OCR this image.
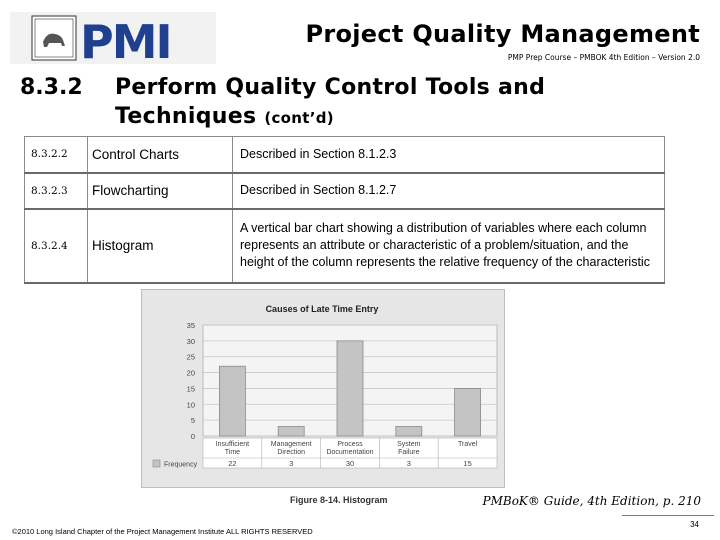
PMI	Project Quality Management
PMP Prep Course – PMBOK 4th Edition – Version 2.0
8.3.2 Perform Quality Control Tools and
Techniques (cont’d)
8.3.2.2	Control Charts	Described in Section 8.1.2.3
8.3.2.3	Flowcharting	Described in Section 8.1.2.7
8.3.2.4	Histogram	A vertical bar chart showing a distribution of variables where each column represents an attribute or characteristic of a problem/situation, and the height of the column represents the relative frequency of the characteristic
Causes of Late Time Entry
0
5
10
15
20
25
30
35
Insufficient
Time
22
Management
Direction
3
Process
Documentation
30
System
Failure
3
Travel
15
Frequency
Figure 8-14. Histogram	PMBoK® Guide, 4th Edition, p. 210
©2010 Long Island Chapter of the Project Management Institute ALL RIGHTS RESERVED
34
